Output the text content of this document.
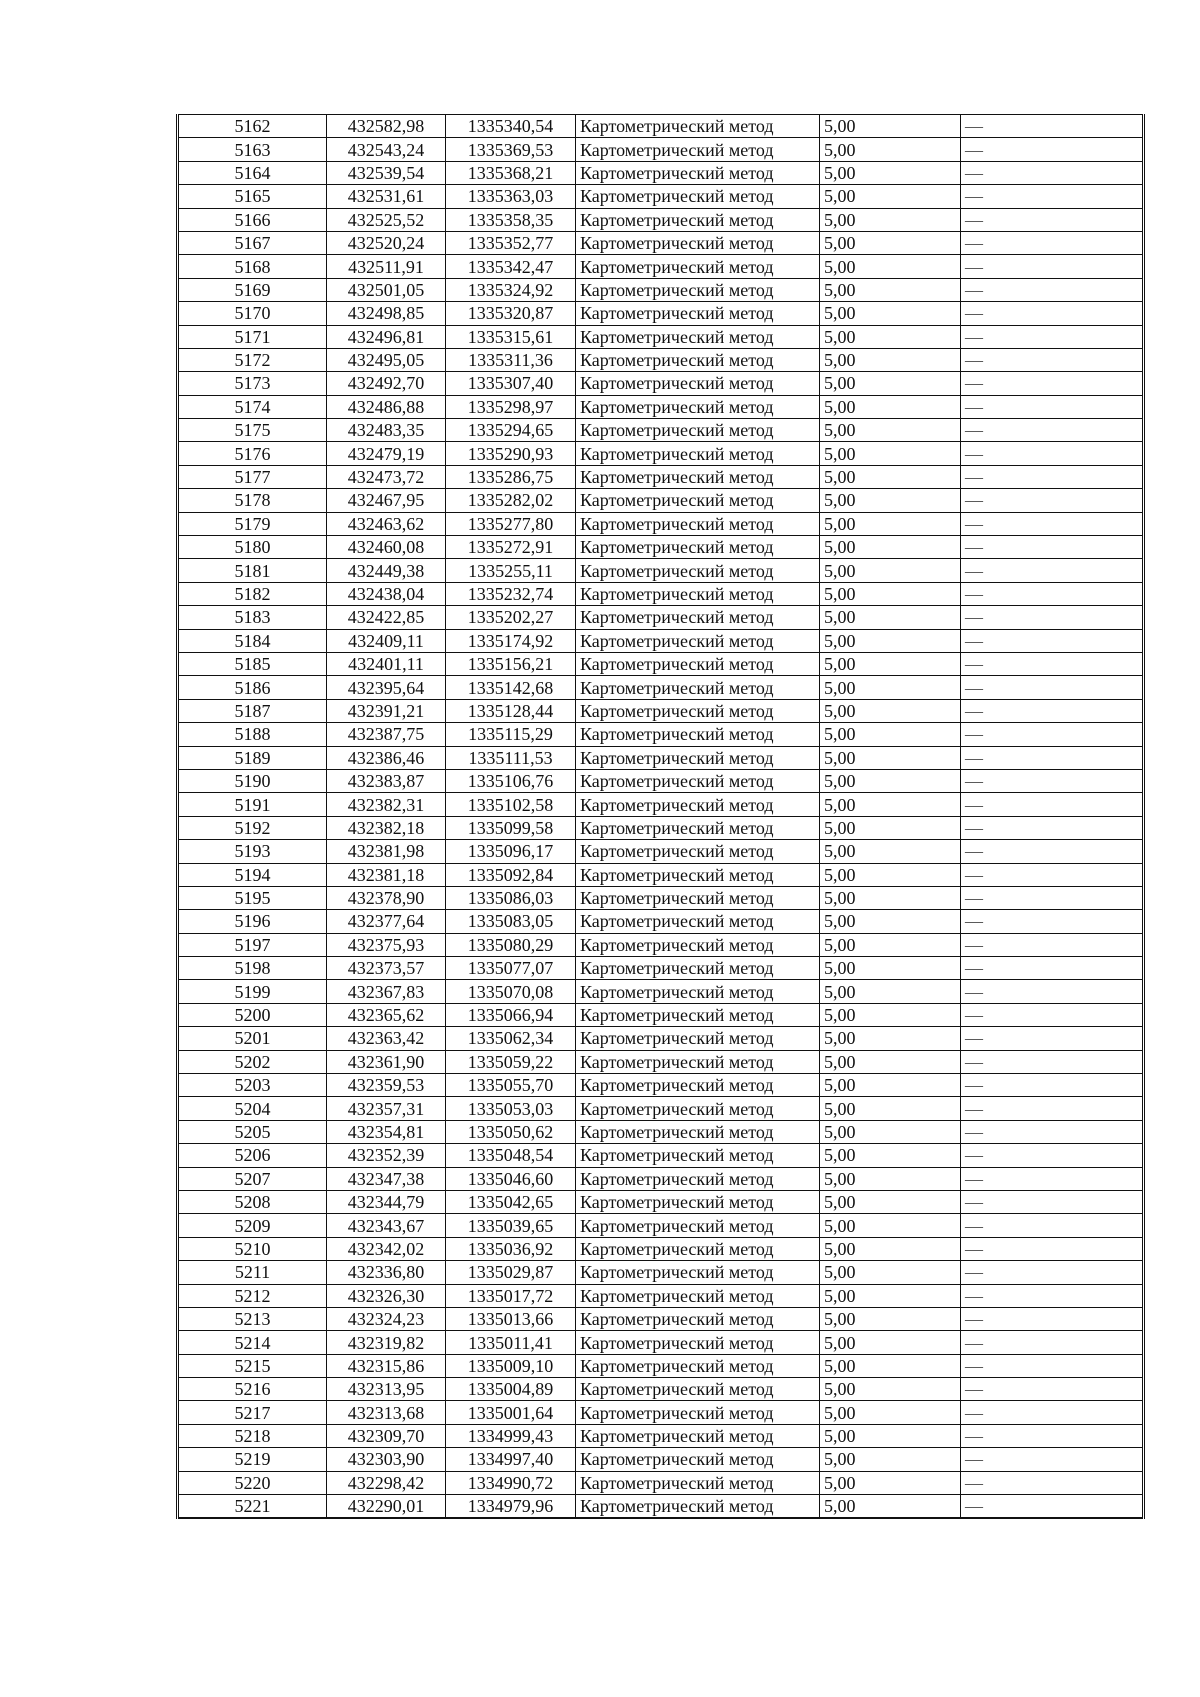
5162	432582,98	1335340,54	Картометрический метод	5,00	—
5163	432543,24	1335369,53	Картометрический метод	5,00	—
5164	432539,54	1335368,21	Картометрический метод	5,00	—
5165	432531,61	1335363,03	Картометрический метод	5,00	—
5166	432525,52	1335358,35	Картометрический метод	5,00	—
5167	432520,24	1335352,77	Картометрический метод	5,00	—
5168	432511,91	1335342,47	Картометрический метод	5,00	—
5169	432501,05	1335324,92	Картометрический метод	5,00	—
5170	432498,85	1335320,87	Картометрический метод	5,00	—
5171	432496,81	1335315,61	Картометрический метод	5,00	—
5172	432495,05	1335311,36	Картометрический метод	5,00	—
5173	432492,70	1335307,40	Картометрический метод	5,00	—
5174	432486,88	1335298,97	Картометрический метод	5,00	—
5175	432483,35	1335294,65	Картометрический метод	5,00	—
5176	432479,19	1335290,93	Картометрический метод	5,00	—
5177	432473,72	1335286,75	Картометрический метод	5,00	—
5178	432467,95	1335282,02	Картометрический метод	5,00	—
5179	432463,62	1335277,80	Картометрический метод	5,00	—
5180	432460,08	1335272,91	Картометрический метод	5,00	—
5181	432449,38	1335255,11	Картометрический метод	5,00	—
5182	432438,04	1335232,74	Картометрический метод	5,00	—
5183	432422,85	1335202,27	Картометрический метод	5,00	—
5184	432409,11	1335174,92	Картометрический метод	5,00	—
5185	432401,11	1335156,21	Картометрический метод	5,00	—
5186	432395,64	1335142,68	Картометрический метод	5,00	—
5187	432391,21	1335128,44	Картометрический метод	5,00	—
5188	432387,75	1335115,29	Картометрический метод	5,00	—
5189	432386,46	1335111,53	Картометрический метод	5,00	—
5190	432383,87	1335106,76	Картометрический метод	5,00	—
5191	432382,31	1335102,58	Картометрический метод	5,00	—
5192	432382,18	1335099,58	Картометрический метод	5,00	—
5193	432381,98	1335096,17	Картометрический метод	5,00	—
5194	432381,18	1335092,84	Картометрический метод	5,00	—
5195	432378,90	1335086,03	Картометрический метод	5,00	—
5196	432377,64	1335083,05	Картометрический метод	5,00	—
5197	432375,93	1335080,29	Картометрический метод	5,00	—
5198	432373,57	1335077,07	Картометрический метод	5,00	—
5199	432367,83	1335070,08	Картометрический метод	5,00	—
5200	432365,62	1335066,94	Картометрический метод	5,00	—
5201	432363,42	1335062,34	Картометрический метод	5,00	—
5202	432361,90	1335059,22	Картометрический метод	5,00	—
5203	432359,53	1335055,70	Картометрический метод	5,00	—
5204	432357,31	1335053,03	Картометрический метод	5,00	—
5205	432354,81	1335050,62	Картометрический метод	5,00	—
5206	432352,39	1335048,54	Картометрический метод	5,00	—
5207	432347,38	1335046,60	Картометрический метод	5,00	—
5208	432344,79	1335042,65	Картометрический метод	5,00	—
5209	432343,67	1335039,65	Картометрический метод	5,00	—
5210	432342,02	1335036,92	Картометрический метод	5,00	—
5211	432336,80	1335029,87	Картометрический метод	5,00	—
5212	432326,30	1335017,72	Картометрический метод	5,00	—
5213	432324,23	1335013,66	Картометрический метод	5,00	—
5214	432319,82	1335011,41	Картометрический метод	5,00	—
5215	432315,86	1335009,10	Картометрический метод	5,00	—
5216	432313,95	1335004,89	Картометрический метод	5,00	—
5217	432313,68	1335001,64	Картометрический метод	5,00	—
5218	432309,70	1334999,43	Картометрический метод	5,00	—
5219	432303,90	1334997,40	Картометрический метод	5,00	—
5220	432298,42	1334990,72	Картометрический метод	5,00	—
5221	432290,01	1334979,96	Картометрический метод	5,00	—
